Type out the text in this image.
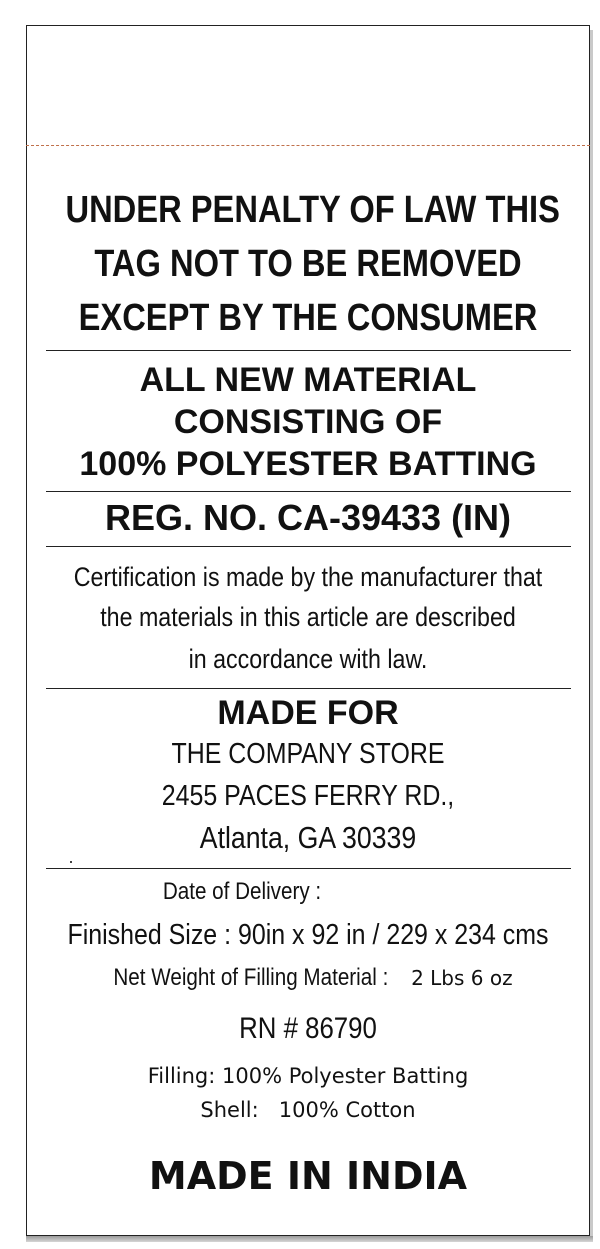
UNDER PENALTY OF LAW THIS
TAG NOT TO BE REMOVED
EXCEPT BY THE CONSUMER
ALL NEW MATERIAL
CONSISTING OF
100% POLYESTER BATTING
REG. NO. CA-39433 (IN)
Certification is made by the manufacturer that
the materials in this article are described
in accordance with law.
MADE FOR
THE COMPANY STORE
2455 PACES FERRY RD.,
Atlanta, GA 30339
Date of Delivery :
Finished Size : 90in x 92 in / 229 x 234 cms
Net Weight of Filling Material : 2 Lbs 6 oz
RN # 86790
Filling: 100% Polyester Batting
Shell:   100% Cotton
MADE IN INDIA
